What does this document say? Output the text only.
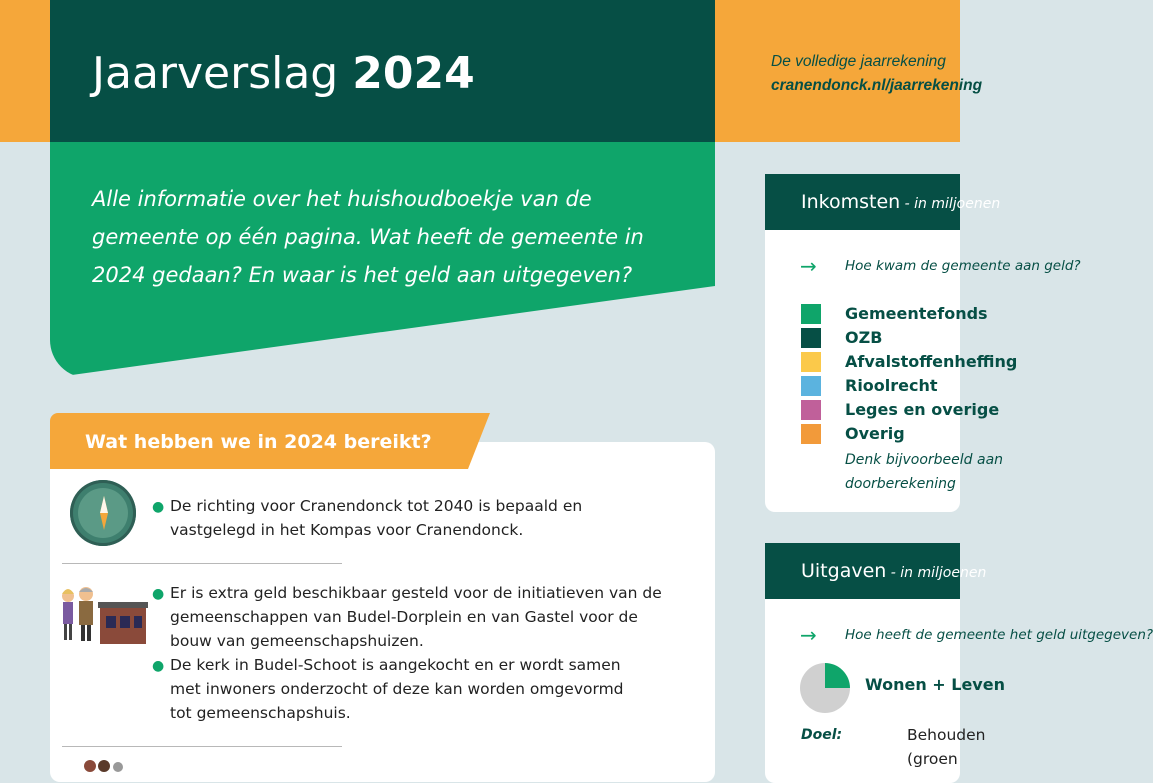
Jaarverslag 2024	De volledige jaarrekening
cranendonck.nl/jaarrekening
Alle informatie over het huishoudboekje van de gemeente op één pagina. Wat heeft de gemeente in 2024 gedaan? En waar is het geld aan uitgegeven?
Wat hebben we in 2024 bereikt?
● De richting voor Cranendonck tot 2040 is bepaald en vastgelegd in het Kompas voor Cranendonck.
● Er is extra geld beschikbaar gesteld voor de initiatieven van de gemeenschappen van Budel-Dorplein en van Gastel voor de bouw van gemeenschapshuizen.
● De kerk in Budel-Schoot is aangekocht en er wordt samen met inwoners onderzocht of deze kan worden omgevormd tot gemeenschapshuis.
Inkomsten - in miljoenen
→ Hoe kwam de gemeente aan geld?
Gemeentefonds
OZB
Afvalstoffenheffing
Rioolrecht
Leges en overige
Overig
Denk bijvoorbeeld aan
doorberekening
Uitgaven - in miljoenen
→ Hoe heeft de gemeente het geld uitgegeven?
Wonen + Leven
Doel:	Behouden
(groen
